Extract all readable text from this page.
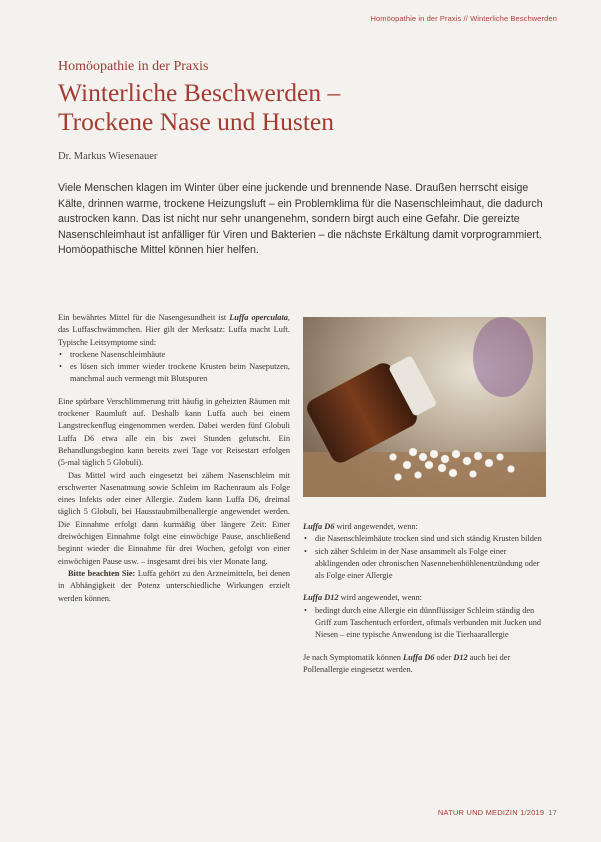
Homöopathie in der Praxis // Winterliche Beschwerden
Homöopathie in der Praxis
Winterliche Beschwerden –
Trockene Nase und Husten
Dr. Markus Wiesenauer

Viele Menschen klagen im Winter über eine juckende und brennende Nase. Draußen herrscht eisige Kälte, drinnen warme, trockene Heizungsluft – ein Problemklima für die Nasenschleimhaut, die dadurch austrocken kann. Das ist nicht nur sehr unangenehm, sondern birgt auch eine Gefahr. Die gereizte Nasenschleimhaut ist anfälliger für Viren und Bakterien – die nächste Erkältung damit vorprogrammiert. Homöopathische Mittel können hier helfen.

Ein bewährtes Mittel für die Nasengesundheit ist Luffa operculata, das Luffaschwämmchen. Hier gilt der Merksatz: Luffa macht Luft. Typische Leitsymptome sind:

• trockene Nasenschleimhäute
• es lösen sich immer wieder trockene Krusten beim Naseputzen, manchmal auch vermengt mit Blutspuren

Eine spürbare Verschlimmerung tritt häufig in geheizten Räumen mit trockener Raumluft auf. Deshalb kann Luffa auch bei einem Langstreckenflug eingenommen werden. Dabei werden fünf Globuli Luffa D6 etwa alle ein bis zwei Stunden gelutscht. Ein Behandlungsbeginn kann bereits zwei Tage vor Reisestart erfolgen (5-mal täglich 5 Globuli).

Das Mittel wird auch eingesetzt bei zähem Nasenschleim mit erschwerter Nasenatmung sowie Schleim im Rachenraum als Folge eines Infekts oder einer Allergie. Zudem kann Luffa D6, dreimal täglich 5 Globuli, bei Hausstaubmilbenallergie angewendet werden. Die Einnahme erfolgt dann kurmäßig über längere Zeit: Einer dreiwöchigen Einnahme folgt eine einwöchige Pause, anschließend beginnt wieder die Einnahme für drei Wochen, gefolgt von einer einwöchigen Pause usw. – insgesamt drei bis vier Monate lang.

Bitte beachten Sie: Luffa gehört zu den Arzneimitteln, bei denen in Abhängigkeit der Potenz unterschiedliche Wirkungen erzielt werden können.

Luffa D6 wird angewendet, wenn:

• die Nasenschleimhäute trocken sind und sich ständig Krusten bilden
• sich zäher Schleim in der Nase ansammelt als Folge einer abklingenden oder chronischen Nasennebenhöhlenentzündung oder als Folge einer Allergie

Luffa D12 wird angewendet, wenn:

• bedingt durch eine Allergie ein dünnflüssiger Schleim ständig den Griff zum Taschentuch erfordert, oftmals verbunden mit Jucken und Niesen – eine typische Anwendung ist die Tierhaarallergie

Je nach Symptomatik können Luffa D6 oder D12 auch bei der Pollenallergie eingesetzt werden.

NATUR UND MEDIZIN 1/2019 17
